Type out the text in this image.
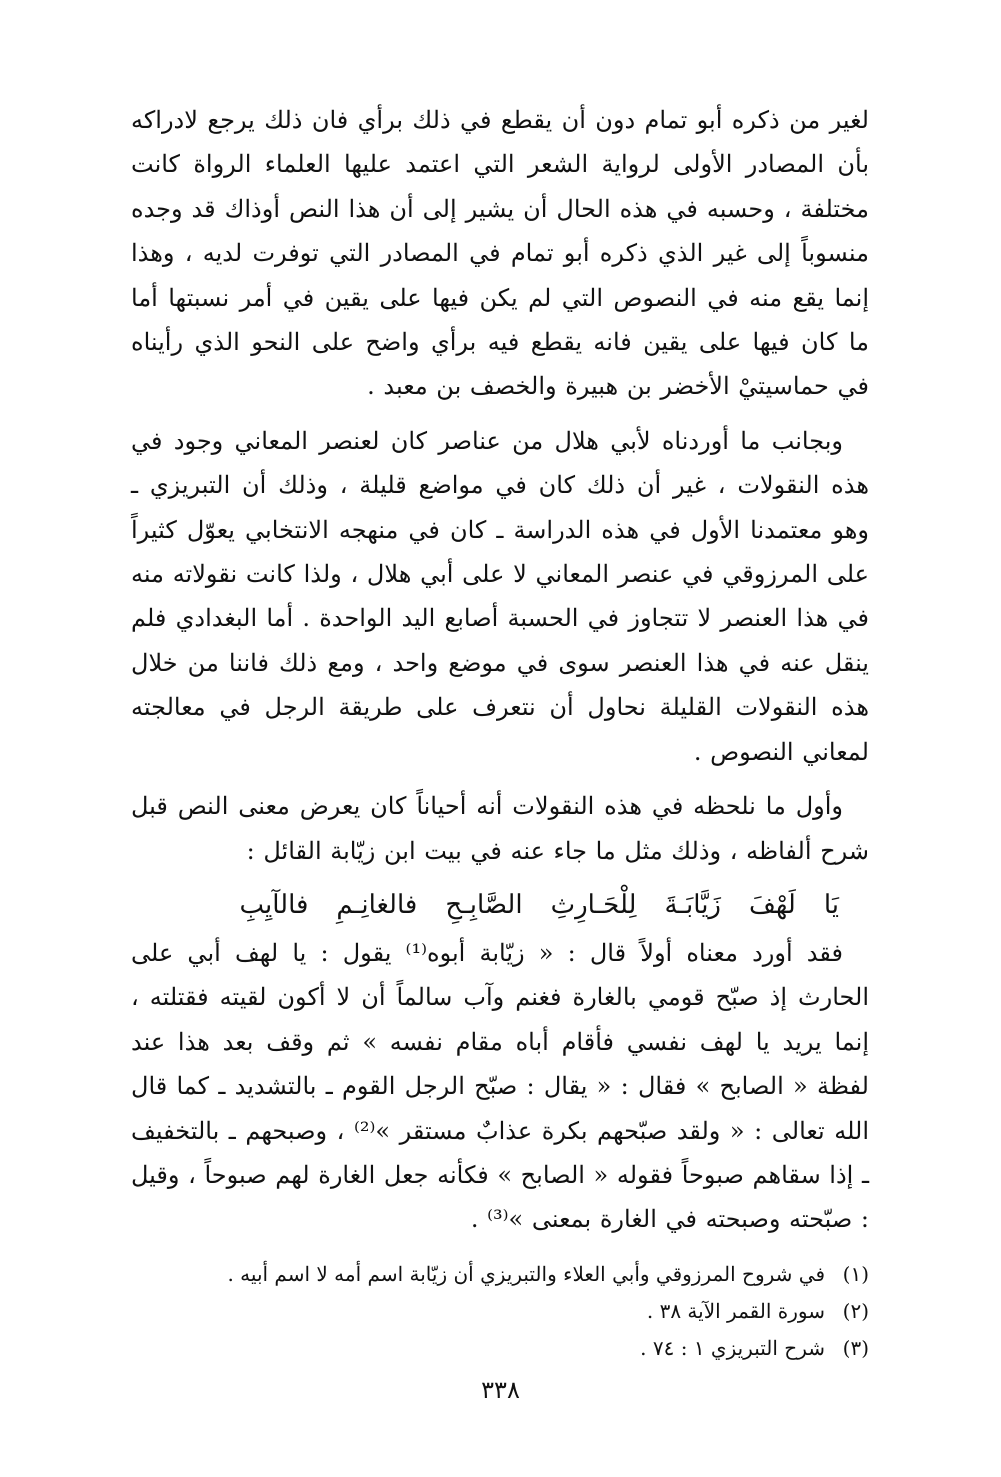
لغير من ذكره أبو تمام دون أن يقطع في ذلك برأي فان ذلك يرجع لادراكه بأن المصادر الأولى لرواية الشعر التي اعتمد عليها العلماء الرواة كانت مختلفة ، وحسبه في هذه الحال أن يشير إلى أن هذا النص أوذاك قد وجده منسوباً إلى غير الذي ذكره أبو تمام في المصادر التي توفرت لديه ، وهذا إنما يقع منه في النصوص التي لم يكن فيها على يقين في أمر نسبتها أما ما كان فيها على يقين فانه يقطع فيه برأي واضح على النحو الذي رأيناه في حماسيتيْ الأخضر بن هبيرة والخصف بن معبد .

وبجانب ما أوردناه لأبي هلال من عناصر كان لعنصر المعاني وجود في هذه النقولات ، غير أن ذلك كان في مواضع قليلة ، وذلك أن التبريزي ـ وهو معتمدنا الأول في هذه الدراسة ـ كان في منهجه الانتخابي يعوّل كثيراً على المرزوقي في عنصر المعاني لا على أبي هلال ، ولذا كانت نقولاته منه في هذا العنصر لا تتجاوز في الحسبة أصابع اليد الواحدة . أما البغدادي فلم ينقل عنه في هذا العنصر سوى في موضع واحد ، ومع ذلك فاننا من خلال هذه النقولات القليلة نحاول أن نتعرف على طريقة الرجل في معالجته لمعاني النصوص .

وأول ما نلحظه في هذه النقولات أنه أحياناً كان يعرض معنى النص قبل شرح ألفاظه ، وذلك مثل ما جاء عنه في بيت ابن زيّابة القائل :

يَا
لَهْفَ
زَيَّابَـةَ
لِلْحَـارِثِ
الصَّابِـحِ
فالغانِـمِ
فالآيِبِ

فقد أورد معناه أولاً قال : « زيّابة أبوه⁽¹⁾ يقول : يا لهف أبي على الحارث إذ صبّح قومي بالغارة فغنم وآب سالماً أن لا أكون لقيته فقتلته ، إنما يريد يا لهف نفسي فأقام أباه مقام نفسه » ثم وقف بعد هذا عند لفظة « الصابح » فقال : « يقال : صبّح الرجل القوم ـ بالتشديد ـ كما قال الله تعالى : « ولقد صبّحهم بكرة عذابٌ مستقر »⁽²⁾ ، وصبحهم ـ بالتخفيف ـ إذا سقاهم صبوحاً فقوله « الصابح » فكأنه جعل الغارة لهم صبوحاً ، وقيل : صبّحته وصبحته في الغارة بمعنى »⁽³⁾ .

(١)
في شروح المرزوقي وأبي العلاء والتبريزي أن زيّابة اسم أمه لا اسم أبيه .
(٢)
سورة القمر الآية ٣٨ .
(٣)
شرح التبريزي ١ : ٧٤ .
٣٣٨
